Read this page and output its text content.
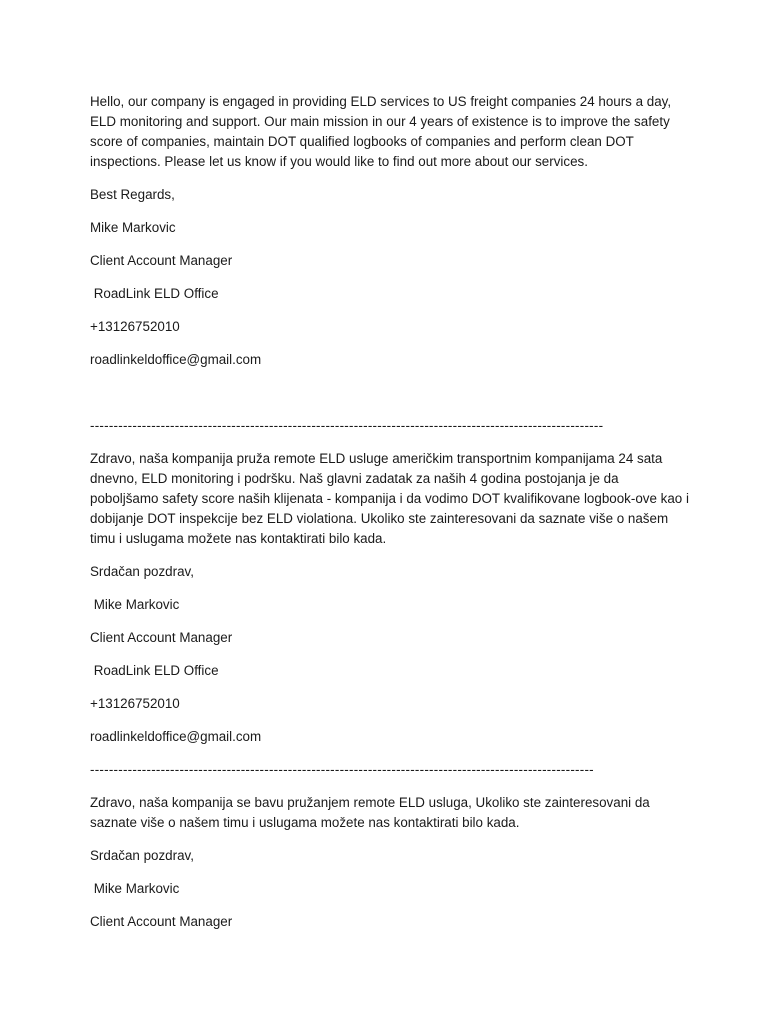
Hello, our company is engaged in providing ELD services to US freight companies 24 hours a day, ELD monitoring and support. Our main mission in our 4 years of existence is to improve the safety score of companies, maintain DOT qualified logbooks of companies and perform clean DOT inspections. Please let us know if you would like to find out more about our services.

Best Regards,
Mike Markovic
Client Account Manager
RoadLink ELD Office
+13126752010
roadlinkeldoffice@gmail.com
-------------------------------------------------------------------------------------------------------------

Zdravo, naša kompanija pruža remote ELD usluge američkim transportnim kompanijama 24 sata dnevno, ELD monitoring i podršku. Naš glavni zadatak za naših 4 godina postojanja je da poboljšamo safety score naših klijenata - kompanija i da vodimo DOT kvalifikovane logbook-ove kao i dobijanje DOT inspekcije bez ELD violationa. Ukoliko ste zainteresovani da saznate više o našem timu i uslugama možete nas kontaktirati bilo kada.

Srdačan pozdrav,
Mike Markovic
Client Account Manager
RoadLink ELD Office
+13126752010
roadlinkeldoffice@gmail.com
-----------------------------------------------------------------------------------------------------------

Zdravo, naša kompanija se bavu pružanjem remote ELD usluga, Ukoliko ste zainteresovani da saznate više o našem timu i uslugama možete nas kontaktirati bilo kada.

Srdačan pozdrav,
Mike Markovic
Client Account Manager
